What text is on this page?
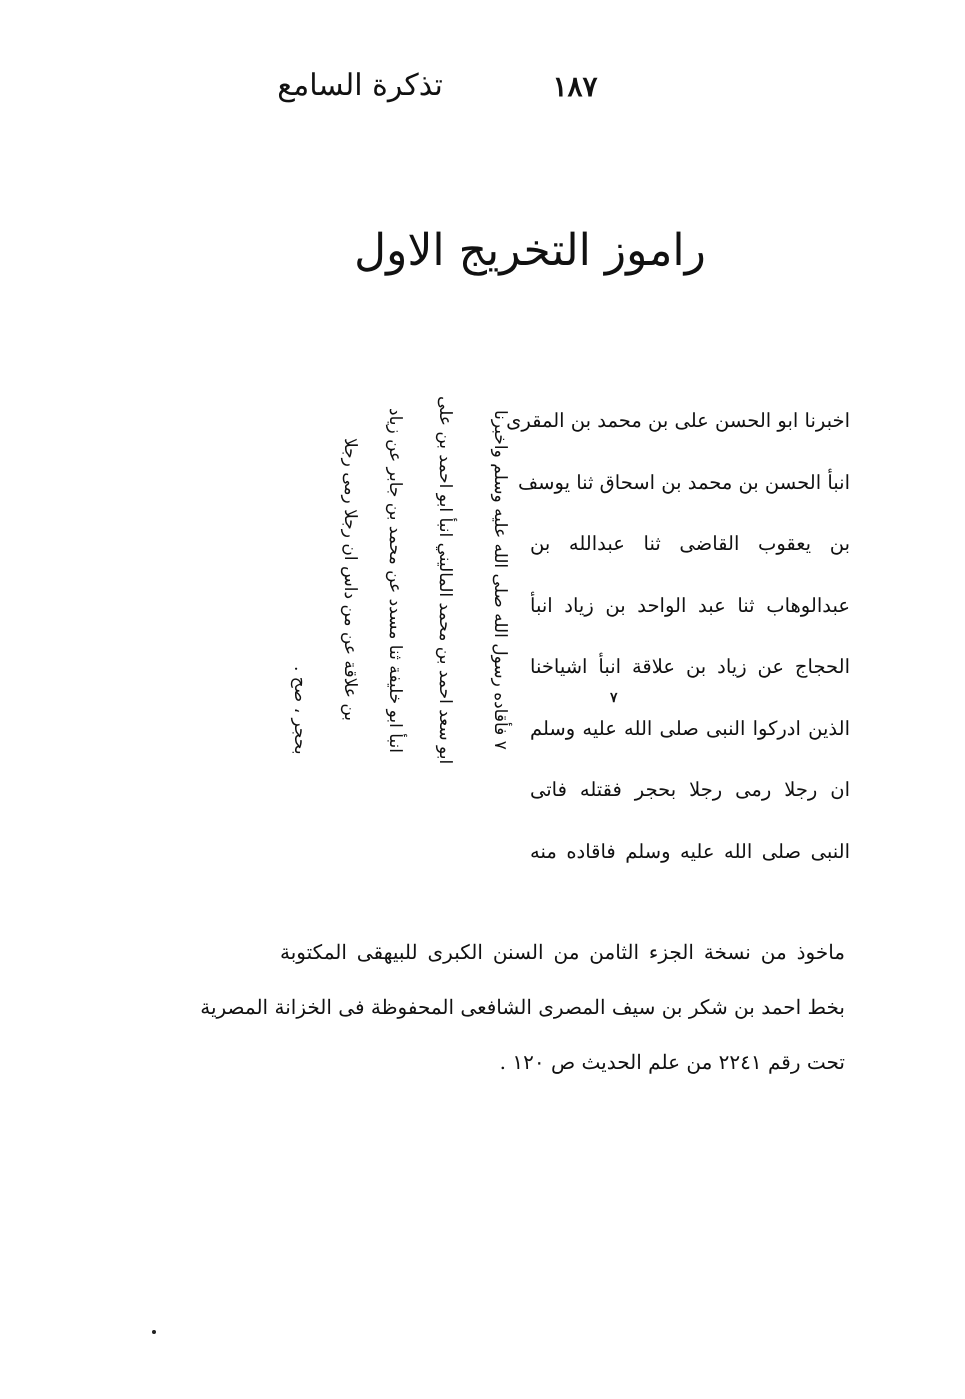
تذكرة السامع	١٨٧
راموز التخريج الاول
اخبرنا ابو الحسن على بن محمد بن المقرى
انبأ الحسن بن محمد بن اسحاق ثنا يوسف
بن يعقوب القاضى ثنا عبدالله بن
عبدالوهاب ثنا عبد الواحد بن زياد انبأ
الحجاج عن زياد بن علاقة انبأ اشياخنا
الذين ادركوا النبى صلى الله عليه وسلم
ان رجلا رمى رجلا بحجر فقتله فاتى
النبى صلى الله عليه وسلم فاقاده منه
٧
٧ فأقاده رسول الله صلى الله عليه وسلم واخبرنا
ابو سعد احمد بن محمد الماليني انبأ ابو احمد بن على
انبأ ابو خليفة ثنا مسدد عن محمد بن جابر عن زياد
بن علاقة عن من داس ان رجلا رمى رجلا
بحجر ، صح .
ماخوذ من نسخة الجزء الثامن من السنن الكبرى للبيهقى المكتوبة
بخط احمد بن شكر بن سيف المصرى الشافعى المحفوظة فى الخزانة المصرية
تحت رقم ٢٢٤١ من علم الحديث ص ١٢٠ .
